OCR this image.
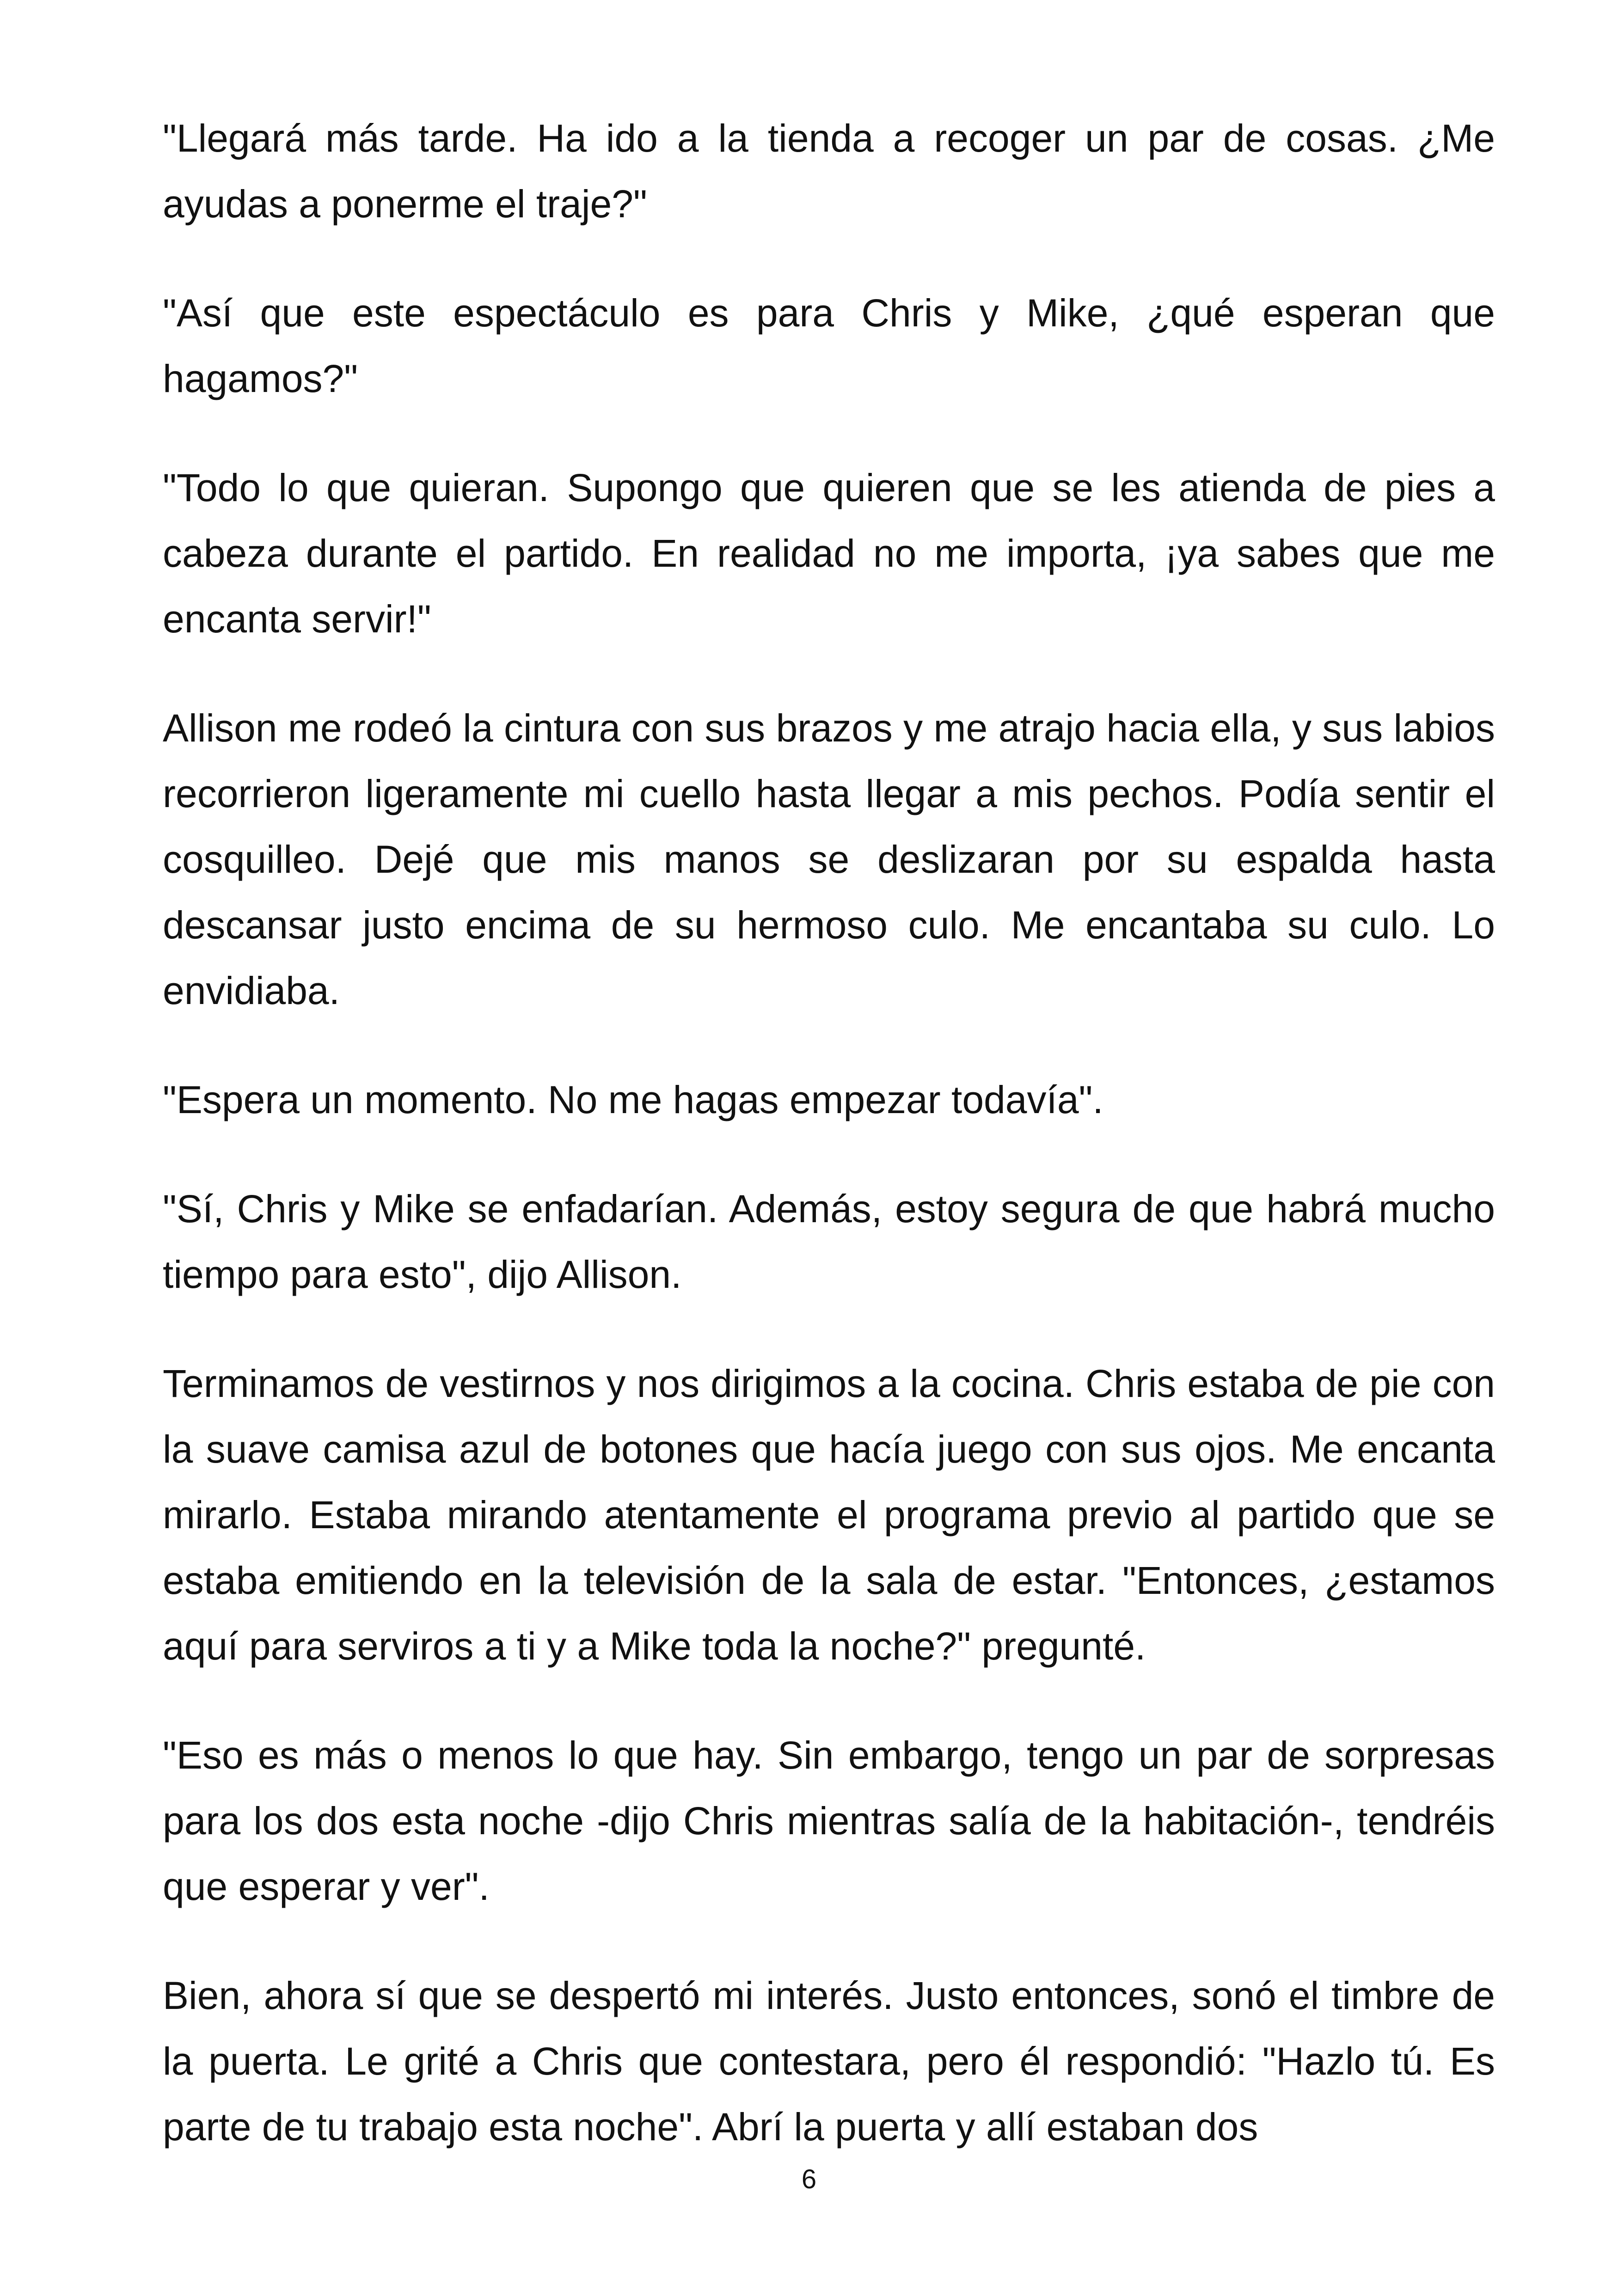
"Llegará más tarde. Ha ido a la tienda a recoger un par de cosas. ¿Me ayudas a ponerme el traje?"

"Así que este espectáculo es para Chris y Mike, ¿qué esperan que hagamos?"

"Todo lo que quieran. Supongo que quieren que se les atienda de pies a cabeza durante el partido. En realidad no me importa, ¡ya sabes que me encanta servir!"

Allison me rodeó la cintura con sus brazos y me atrajo hacia ella, y sus labios recorrieron ligeramente mi cuello hasta llegar a mis pechos. Podía sentir el cosquilleo. Dejé que mis manos se deslizaran por su espalda hasta descansar justo encima de su hermoso culo. Me encantaba su culo. Lo envidiaba.

"Espera un momento. No me hagas empezar todavía".

"Sí, Chris y Mike se enfadarían. Además, estoy segura de que habrá mucho tiempo para esto", dijo Allison.

Terminamos de vestirnos y nos dirigimos a la cocina. Chris estaba de pie con la suave camisa azul de botones que hacía juego con sus ojos. Me encanta mirarlo. Estaba mirando atentamente el programa previo al partido que se estaba emitiendo en la televisión de la sala de estar. "Entonces, ¿estamos aquí para serviros a ti y a Mike toda la noche?" pregunté.

"Eso es más o menos lo que hay. Sin embargo, tengo un par de sorpresas para los dos esta noche -dijo Chris mientras salía de la habitación-, tendréis que esperar y ver".

Bien, ahora sí que se despertó mi interés. Justo entonces, sonó el timbre de la puerta. Le grité a Chris que contestara, pero él respondió: "Hazlo tú. Es parte de tu trabajo esta noche". Abrí la puerta y allí estaban dos

6
